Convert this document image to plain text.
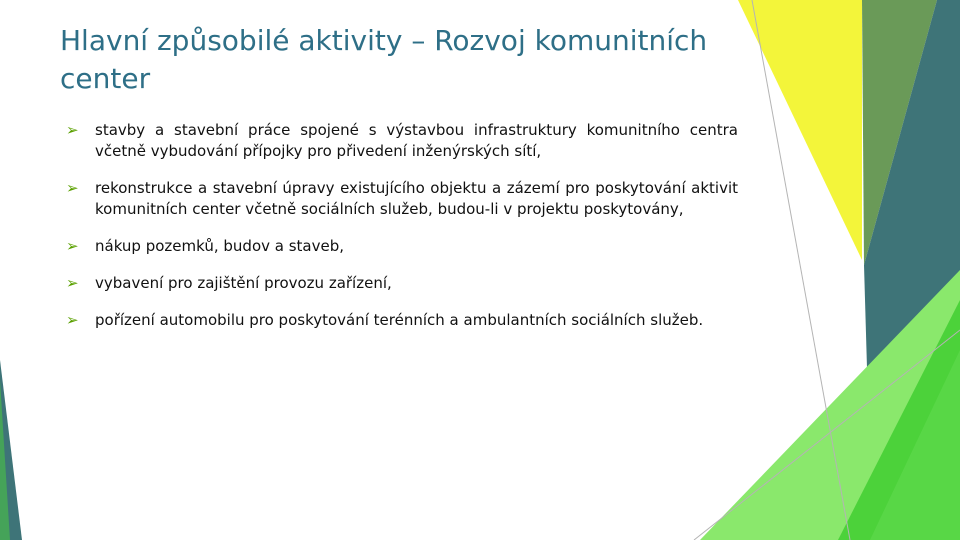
Hlavní způsobilé aktivity – Rozvoj komunitních center
➢ stavby a stavební práce spojené s výstavbou infrastruktury komunitního centra včetně vybudování přípojky pro přivedení inženýrských sítí,
➢ rekonstrukce a stavební úpravy existujícího objektu a zázemí pro poskytování aktivit komunitních center včetně sociálních služeb, budou-li v projektu poskytovány,
➢ nákup pozemků, budov a staveb,
➢ vybavení pro zajištění provozu zařízení,
➢ pořízení automobilu pro poskytování terénních a ambulantních sociálních služeb.
